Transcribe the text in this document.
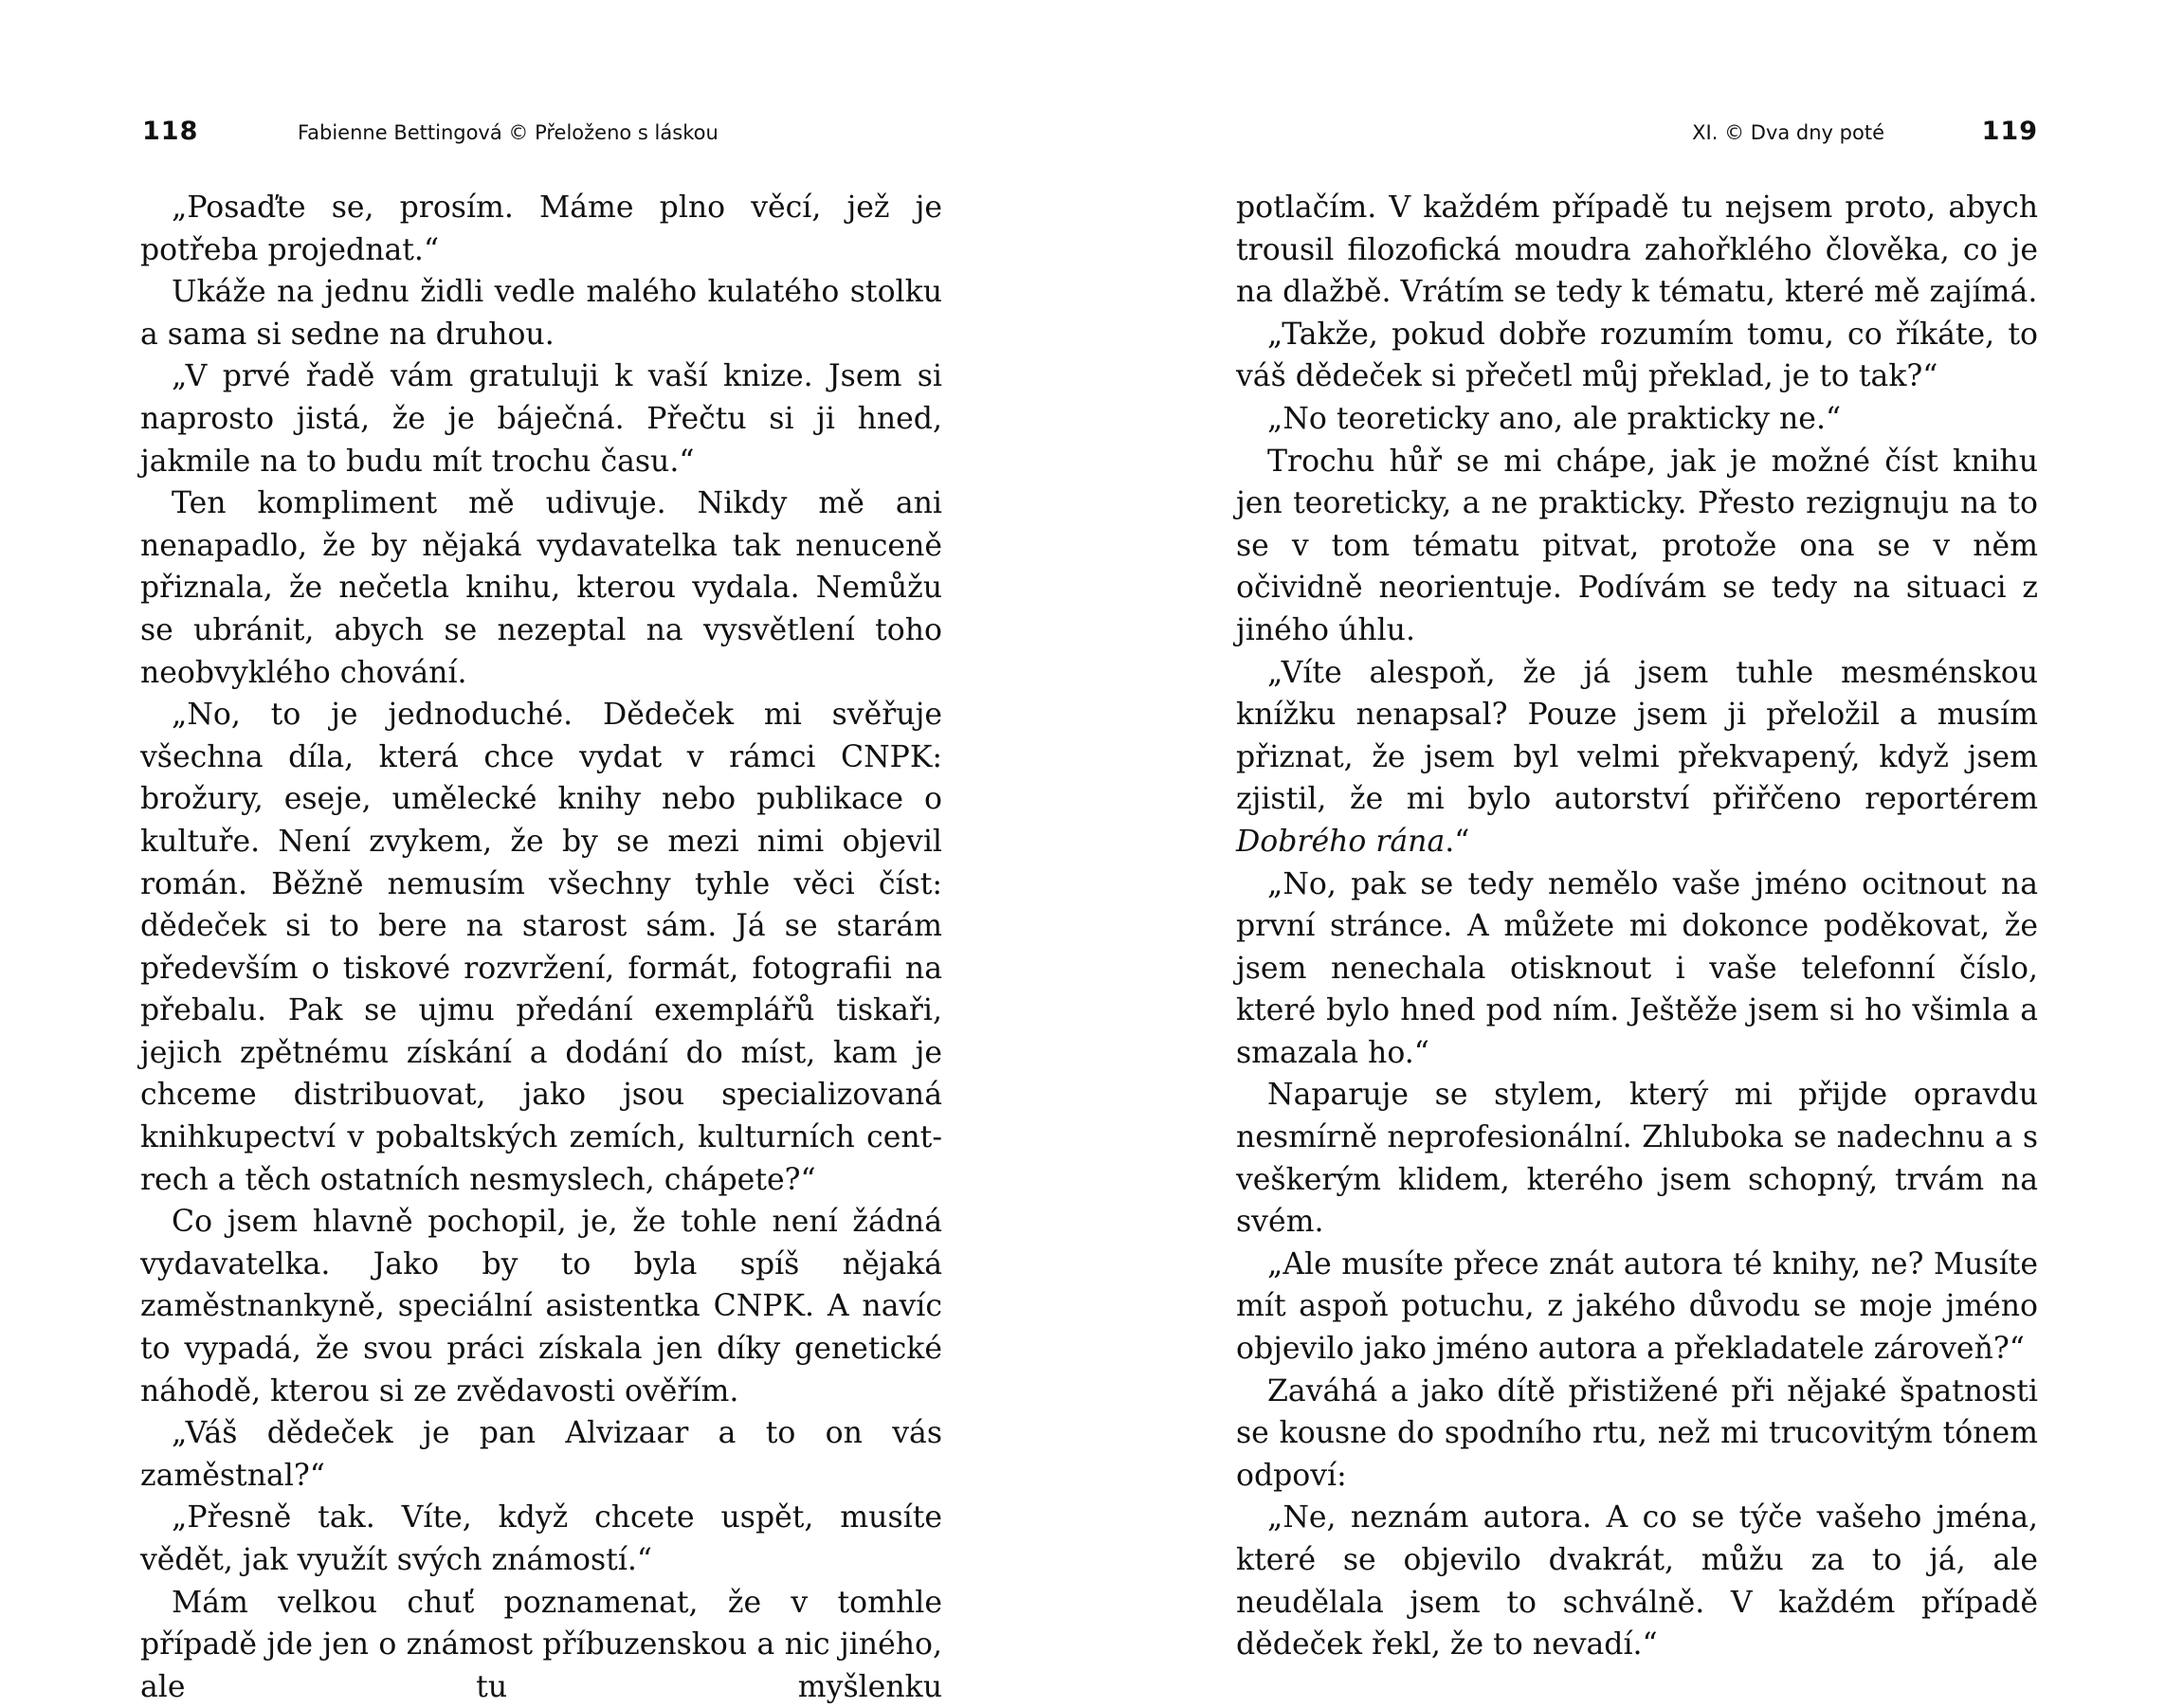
118	Fabienne Bettingová © Přeloženo s láskou

„Posaďte se, prosím. Máme plno věcí, jež je potřeba projednat.“

Ukáže na jednu židli vedle malého kulatého stolku a sama si sedne na druhou.

„V prvé řadě vám gratuluji k vaší knize. Jsem si naprosto jistá, že je báječná. Přečtu si ji hned, jakmile na to budu mít trochu času.“

Ten kompliment mě udivuje. Nikdy mě ani nenapadlo, že by nějaká vydavatelka tak nenuceně přiznala, že nečetla knihu, kterou vydala. Nemůžu se ubránit, abych se nezeptal na vysvětlení toho neobvyklého chování.

„No, to je jednoduché. Dědeček mi svěřuje všechna díla, která chce vydat v rámci CNPK: brožury, eseje, umělecké knihy nebo publikace o kultuře. Není zvykem, že by se mezi nimi objevil román. Běžně nemusím všechny tyhle věci číst: dědeček si to bere na starost sám. Já se starám především o tiskové rozvržení, formát, fotografii na přebalu. Pak se ujmu předání exemplářů tiskaři, jejich zpětnému získání a dodání do míst, kam je chceme distribuovat, jako jsou specializovaná knihkupectví v pobaltských zemích, kulturních centrech a těch ostatních nesmyslech, chápete?“

Co jsem hlavně pochopil, je, že tohle není žádná vydavatelka. Jako by to byla spíš nějaká zaměstnankyně, speciální asistentka CNPK. A navíc to vypadá, že svou práci získala jen díky genetické náhodě, kterou si ze zvědavosti ověřím.

„Váš dědeček je pan Alvizaar a to on vás zaměstnal?“

„Přesně tak. Víte, když chcete uspět, musíte vědět, jak využít svých známostí.“

Mám velkou chuť poznamenat, že v tomhle případě jde jen o známost příbuzenskou a nic jiného, ale tu myšlenku

XI. © Dva dny poté	119

potlačím. V každém případě tu nejsem proto, abych trousil filozofická moudra zahořklého člověka, co je na dlažbě. Vrátím se tedy k tématu, které mě zajímá.

„Takže, pokud dobře rozumím tomu, co říkáte, to váš dědeček si přečetl můj překlad, je to tak?“

„No teoreticky ano, ale prakticky ne.“

Trochu hůř se mi chápe, jak je možné číst knihu jen teoreticky, a ne prakticky. Přesto rezignuju na to se v tom tématu pitvat, protože ona se v něm očividně neorientuje. Podívám se tedy na situaci z jiného úhlu.

„Víte alespoň, že já jsem tuhle mesménskou knížku nenapsal? Pouze jsem ji přeložil a musím přiznat, že jsem byl velmi překvapený, když jsem zjistil, že mi bylo autorství přiřčeno reportérem Dobrého rána.“

„No, pak se tedy nemělo vaše jméno ocitnout na první stránce. A můžete mi dokonce poděkovat, že jsem nenechala otisknout i vaše telefonní číslo, které bylo hned pod ním. Ještěže jsem si ho všimla a smazala ho.“

Naparuje se stylem, který mi přijde opravdu nesmírně neprofesionální. Zhluboka se nadechnu a s veškerým klidem, kterého jsem schopný, trvám na svém.

„Ale musíte přece znát autora té knihy, ne? Musíte mít aspoň potuchu, z jakého důvodu se moje jméno objevilo jako jméno autora a překladatele zároveň?“

Zaváhá a jako dítě přistižené při nějaké špatnosti se kousne do spodního rtu, než mi trucovitým tónem odpoví:

„Ne, neznám autora. A co se týče vašeho jména, které se objevilo dvakrát, můžu za to já, ale neudělala jsem to schválně. V každém případě dědeček řekl, že to nevadí.“
